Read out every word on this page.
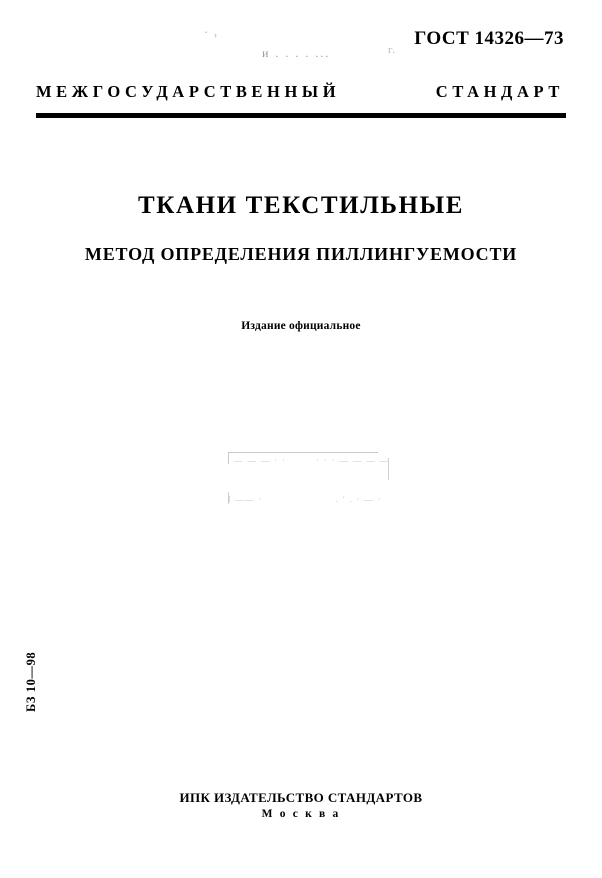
· ,
и . . . . ...	г.
ГОСТ 14326—73
МЕЖГОСУДАРСТВЕННЫЙ	СТАНДАРТ
ТКАНИ ТЕКСТИЛЬНЫЕ
МЕТОД ОПРЕДЕЛЕНИЯ ПИЛЛИНГУЕМОСТИ
Издание официальное
— — — · ·	· · · — — — —
l —— ·	. ' . · — ·
БЗ 10—98
ИПК ИЗДАТЕЛЬСТВО СТАНДАРТОВ
М о с к в а
